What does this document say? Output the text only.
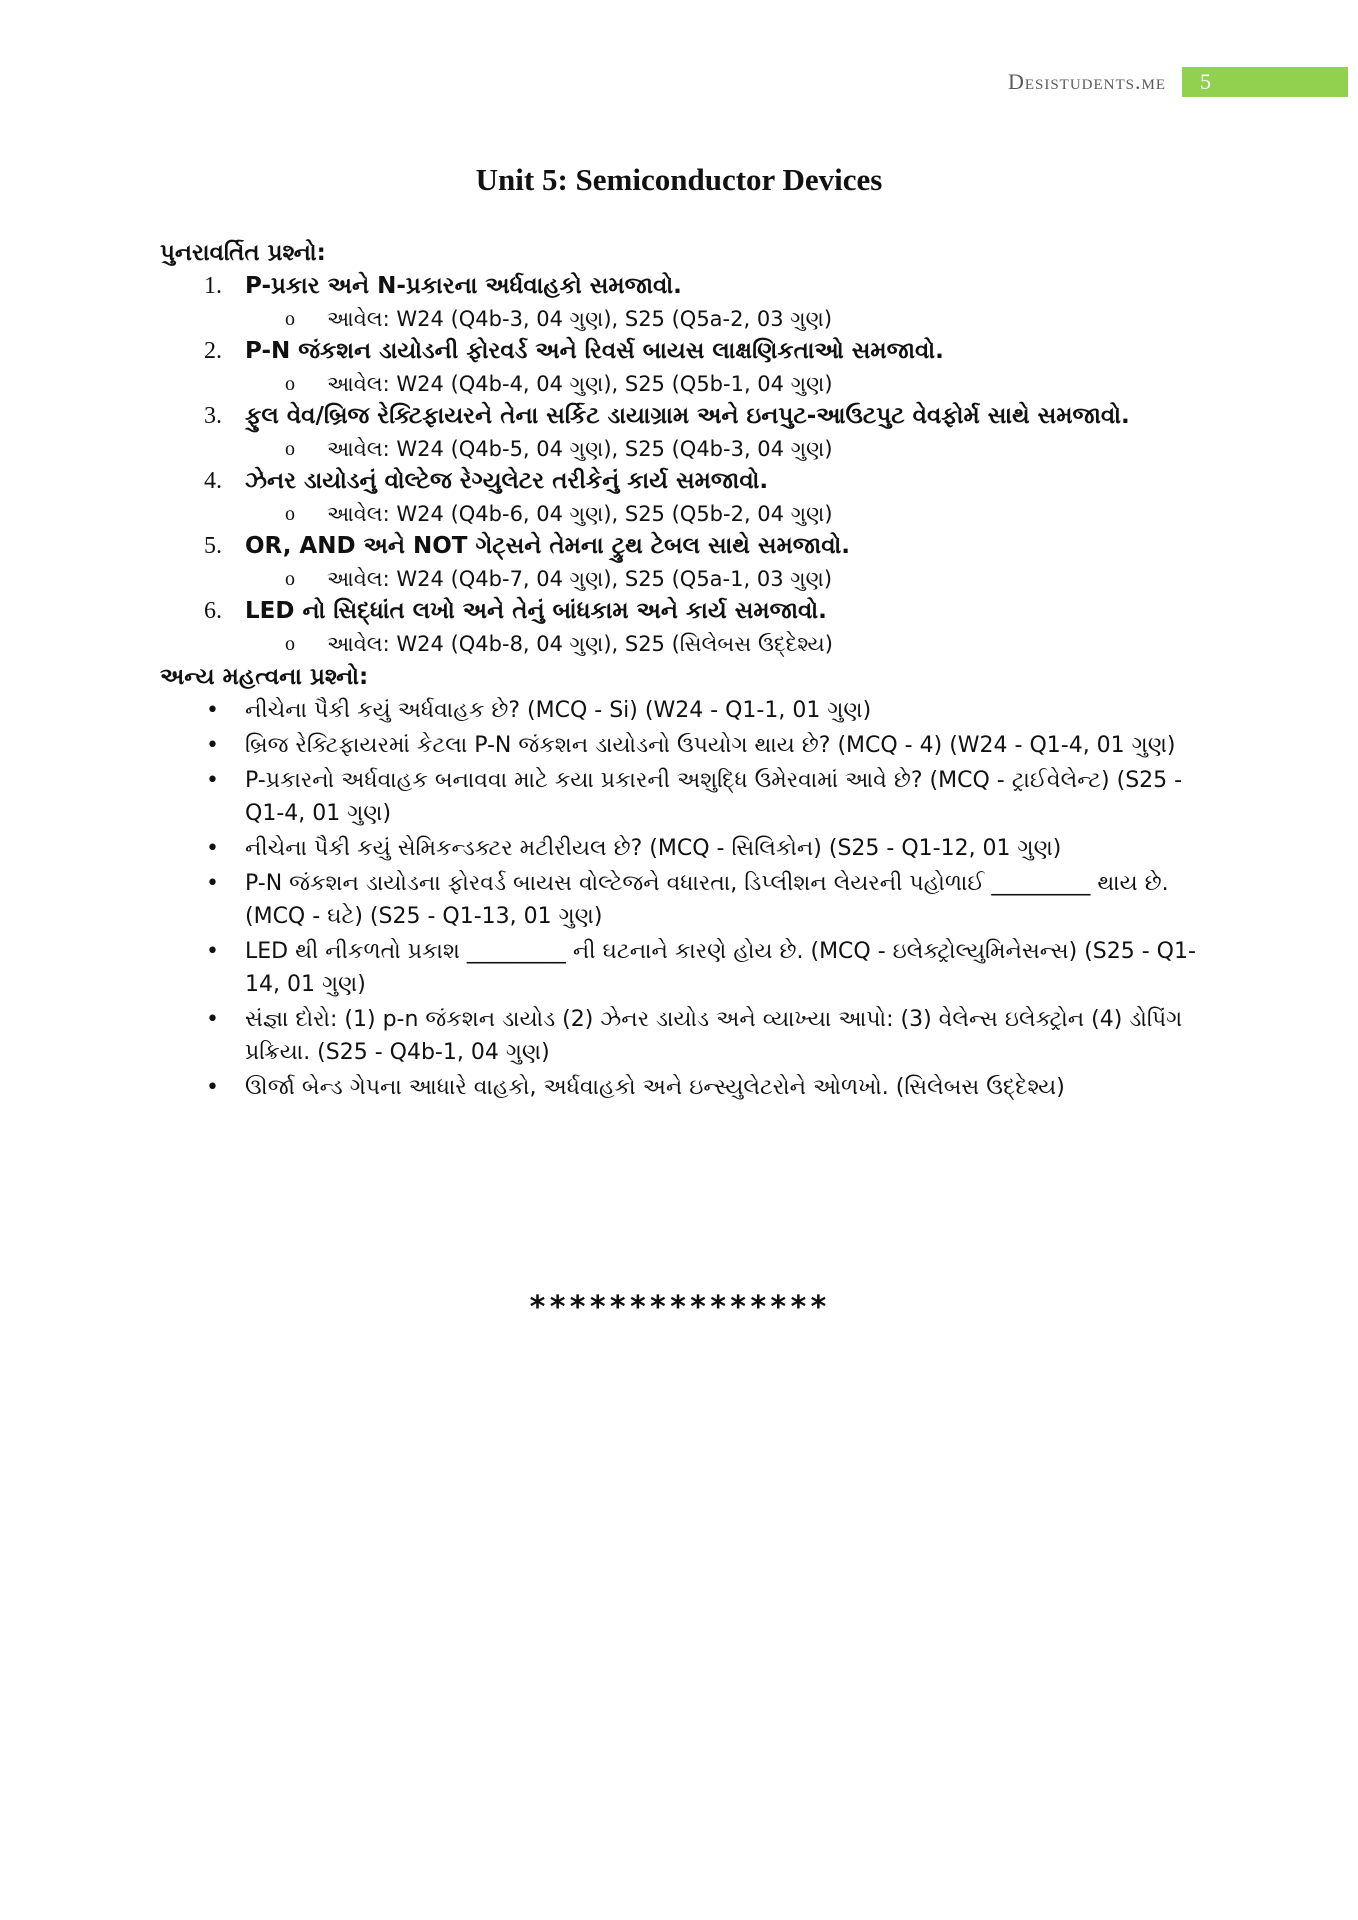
Desistudents.me	5
Unit 5: Semiconductor Devices

પુનરાવર્તિત પ્રશ્નો:

1. P-પ્રકાર અને N-પ્રકારના અર્ધવાહકો સમજાવો.
o આવેલ: W24 (Q4b-3, 04 ગુણ), S25 (Q5a-2, 03 ગુણ)
2. P-N જંકશન ડાયોડની ફોરવર્ડ અને રિવર્સ બાયસ લાક્ષણિકતાઓ સમજાવો.
o આવેલ: W24 (Q4b-4, 04 ગુણ), S25 (Q5b-1, 04 ગુણ)
3. ફુલ વેવ/બ્રિજ રેક્ટિફાયરને તેના સર્કિટ ડાયાગ્રામ અને ઇનપુટ-આઉટપુટ વેવફોર્મ સાથે સમજાવો.
o આવેલ: W24 (Q4b-5, 04 ગુણ), S25 (Q4b-3, 04 ગુણ)
4. ઝેનર ડાયોડનું વોલ્ટેજ રેગ્યુલેટર તરીકેનું કાર્ય સમજાવો.
o આવેલ: W24 (Q4b-6, 04 ગુણ), S25 (Q5b-2, 04 ગુણ)
5. OR, AND અને NOT ગેટ્સને તેમના ટ્રુથ ટેબલ સાથે સમજાવો.
o આવેલ: W24 (Q4b-7, 04 ગુણ), S25 (Q5a-1, 03 ગુણ)
6. LED નો સિદ્ધાંત લખો અને તેનું બાંધકામ અને કાર્ય સમજાવો.
o આવેલ: W24 (Q4b-8, 04 ગુણ), S25 (સિલેબસ ઉદ્દેશ્ય)

અન્ય મહત્વના પ્રશ્નો:

• નીચેના પૈકી કયું અર્ધવાહક છે? (MCQ - Si) (W24 - Q1-1, 01 ગુણ)
• બ્રિજ રેક્ટિફાયરમાં કેટલા P-N જંકશન ડાયોડનો ઉપયોગ થાય છે? (MCQ - 4) (W24 - Q1-4, 01 ગુણ)
• P-પ્રકારનો અર્ધવાહક બનાવવા માટે કયા પ્રકારની અશુદ્ધિ ઉમેરવામાં આવે છે? (MCQ - ટ્રાઈવેલેન્ટ) (S25 - Q1-4, 01 ગુણ)
• નીચેના પૈકી કયું સેમિકન્ડક્ટર મટીરીયલ છે? (MCQ - સિલિકોન) (S25 - Q1-12, 01 ગુણ)
• P-N જંકશન ડાયોડના ફોરવર્ડ બાયસ વોલ્ટેજને વધારતા, ડિપ્લીશન લેયરની પહોળાઈ _________ થાય છે. (MCQ - ઘટે) (S25 - Q1-13, 01 ગુણ)
• LED થી નીકળતો પ્રકાશ _________ ની ઘટનાને કારણે હોય છે. (MCQ - ઇલેક્ટ્રોલ્યુમિનેસન્સ) (S25 - Q1-14, 01 ગુણ)
• સંજ્ઞા દોરો: (1) p-n જંકશન ડાયોડ (2) ઝેનર ડાયોડ અને વ્યાખ્યા આપો: (3) વેલેન્સ ઇલેક્ટ્રોન (4) ડોપિંગ પ્રક્રિયા. (S25 - Q4b-1, 04 ગુણ)
• ઊર્જા બેન્ડ ગેપના આધારે વાહકો, અર્ધવાહકો અને ઇન્સ્યુલેટરોને ઓળખો. (સિલેબસ ઉદ્દેશ્ય)
***************
